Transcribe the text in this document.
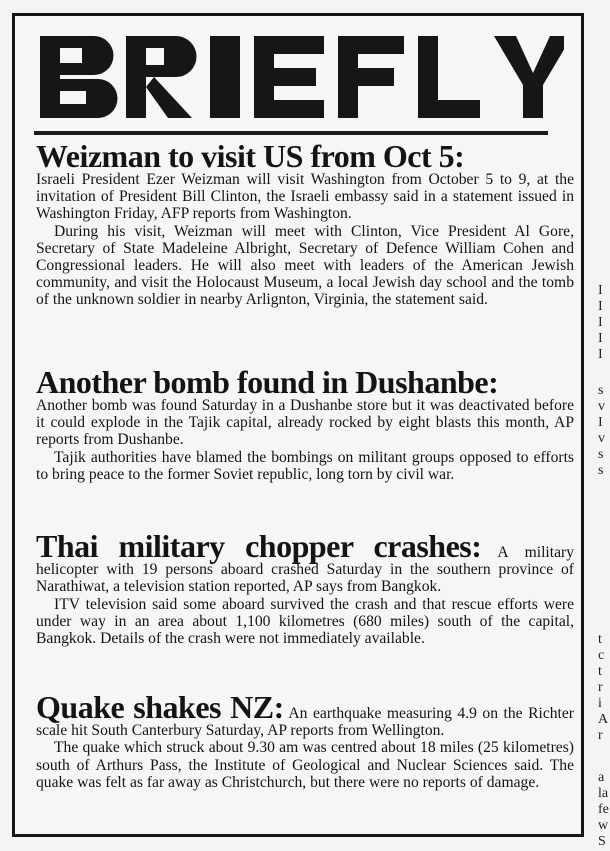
Weizman to visit US from Oct 5:

Israeli President Ezer Weizman will visit Washington from October 5 to 9, at the invitation of President Bill Clinton, the Israeli embassy said in a statement issued in Washington Friday, AFP reports from Washington.

During his visit, Weizman will meet with Clinton, Vice President Al Gore, Secretary of State Madeleine Albright, Secretary of Defence William Cohen and Congressional leaders. He will also meet with leaders of the American Jewish community, and visit the Holocaust Museum, a local Jewish day school and the tomb of the unknown soldier in nearby Arlignton, Virginia, the statement said.

Another bomb found in Dushanbe:

Another bomb was found Saturday in a Dushanbe store but it was deactivated before it could explode in the Tajik capital, already rocked by eight blasts this month, AP reports from Dushanbe.

Tajik authorities have blamed the bombings on militant groups opposed to efforts to bring peace to the former Soviet republic, long torn by civil war.

Thai military chopper crashes: A military helicopter with 19 persons aboard crashed Saturday in the southern province of Narathiwat, a television station reported, AP says from Bangkok.

ITV television said some aboard survived the crash and that rescue efforts were under way in an area about 1,100 kilometres (680 miles) south of the capital, Bangkok. Details of the crash were not immediately available.

Quake shakes NZ: An earthquake measuring 4.9 on the Richter scale hit South Canterbury Saturday, AP reports from Wellington.

The quake which struck about 9.30 am was centred about 18 miles (25 kilometres) south of Arthurs Pass, the Institute of Geological and Nuclear Sciences said. The quake was felt as far away as Christchurch, but there were no reports of damage.

I
I
I
I
I
s
v
I
v
s
s
t
c
t
r
i
A
r
a
la
fe
w
S
